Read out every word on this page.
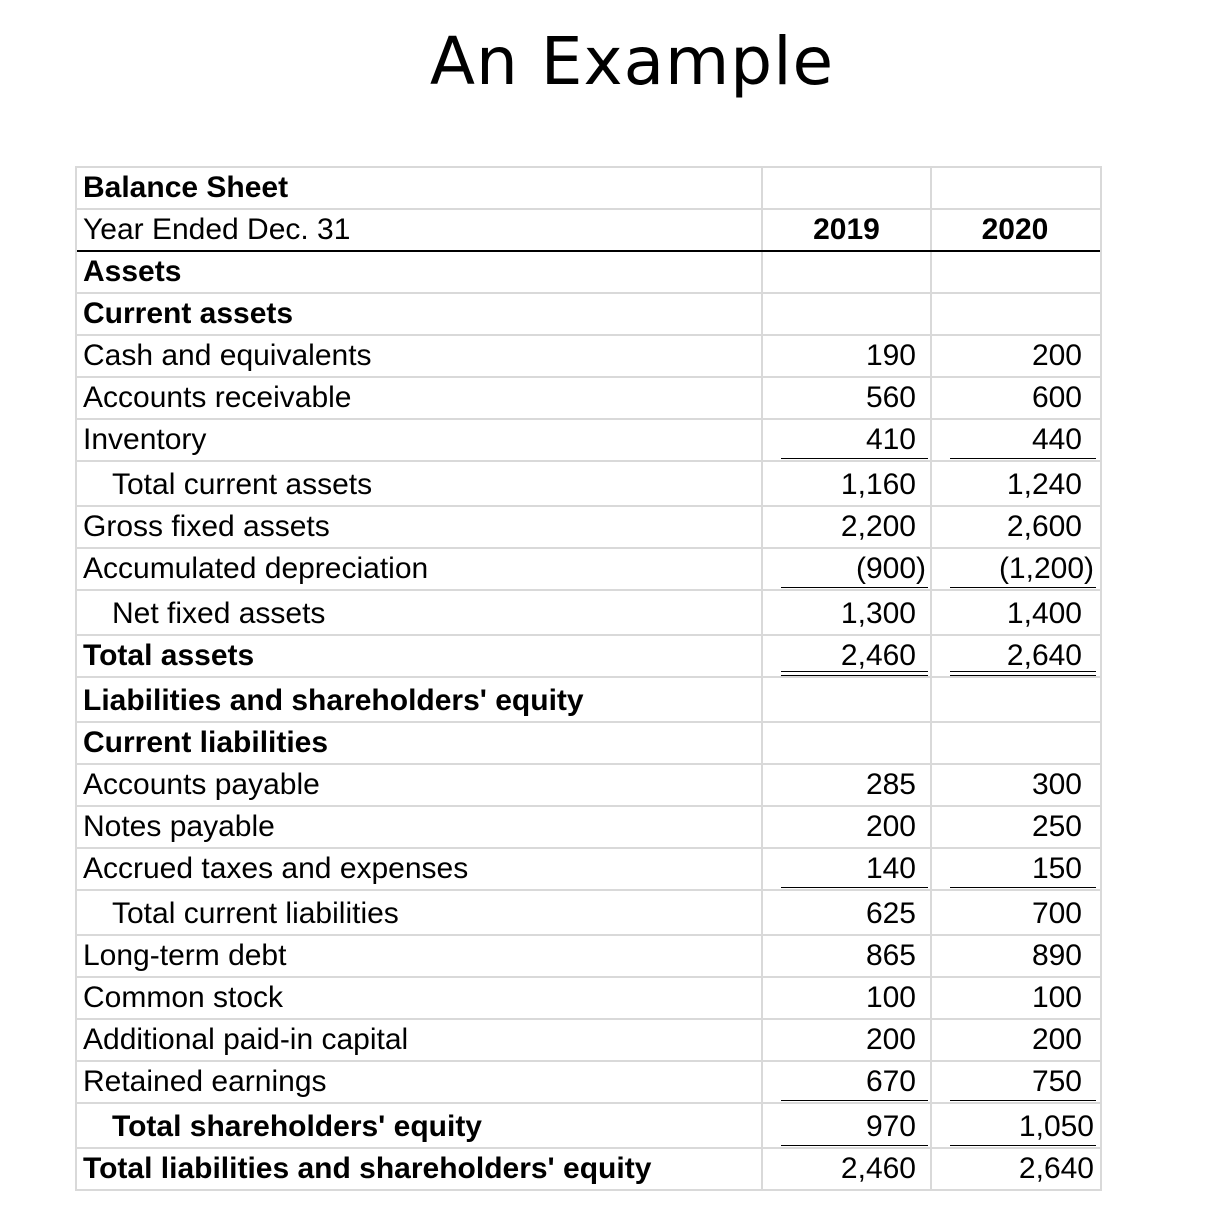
An Example
Balance Sheet
Year Ended Dec. 31	2019	2020
Assets
Current assets
Cash and equivalents	190	200
Accounts receivable	560	600
Inventory	410	440
Total current assets	1,160	1,240
Gross fixed assets	2,200	2,600
Accumulated depreciation	(900)	(1,200)
Net fixed assets	1,300	1,400
Total assets	2,460	2,640
Liabilities and shareholders' equity
Current liabilities
Accounts payable	285	300
Notes payable	200	250
Accrued taxes and expenses	140	150
Total current liabilities	625	700
Long-term debt	865	890
Common stock	100	100
Additional paid-in capital	200	200
Retained earnings	670	750
Total shareholders' equity	970	1,050
Total liabilities and shareholders' equity	2,460	2,640
